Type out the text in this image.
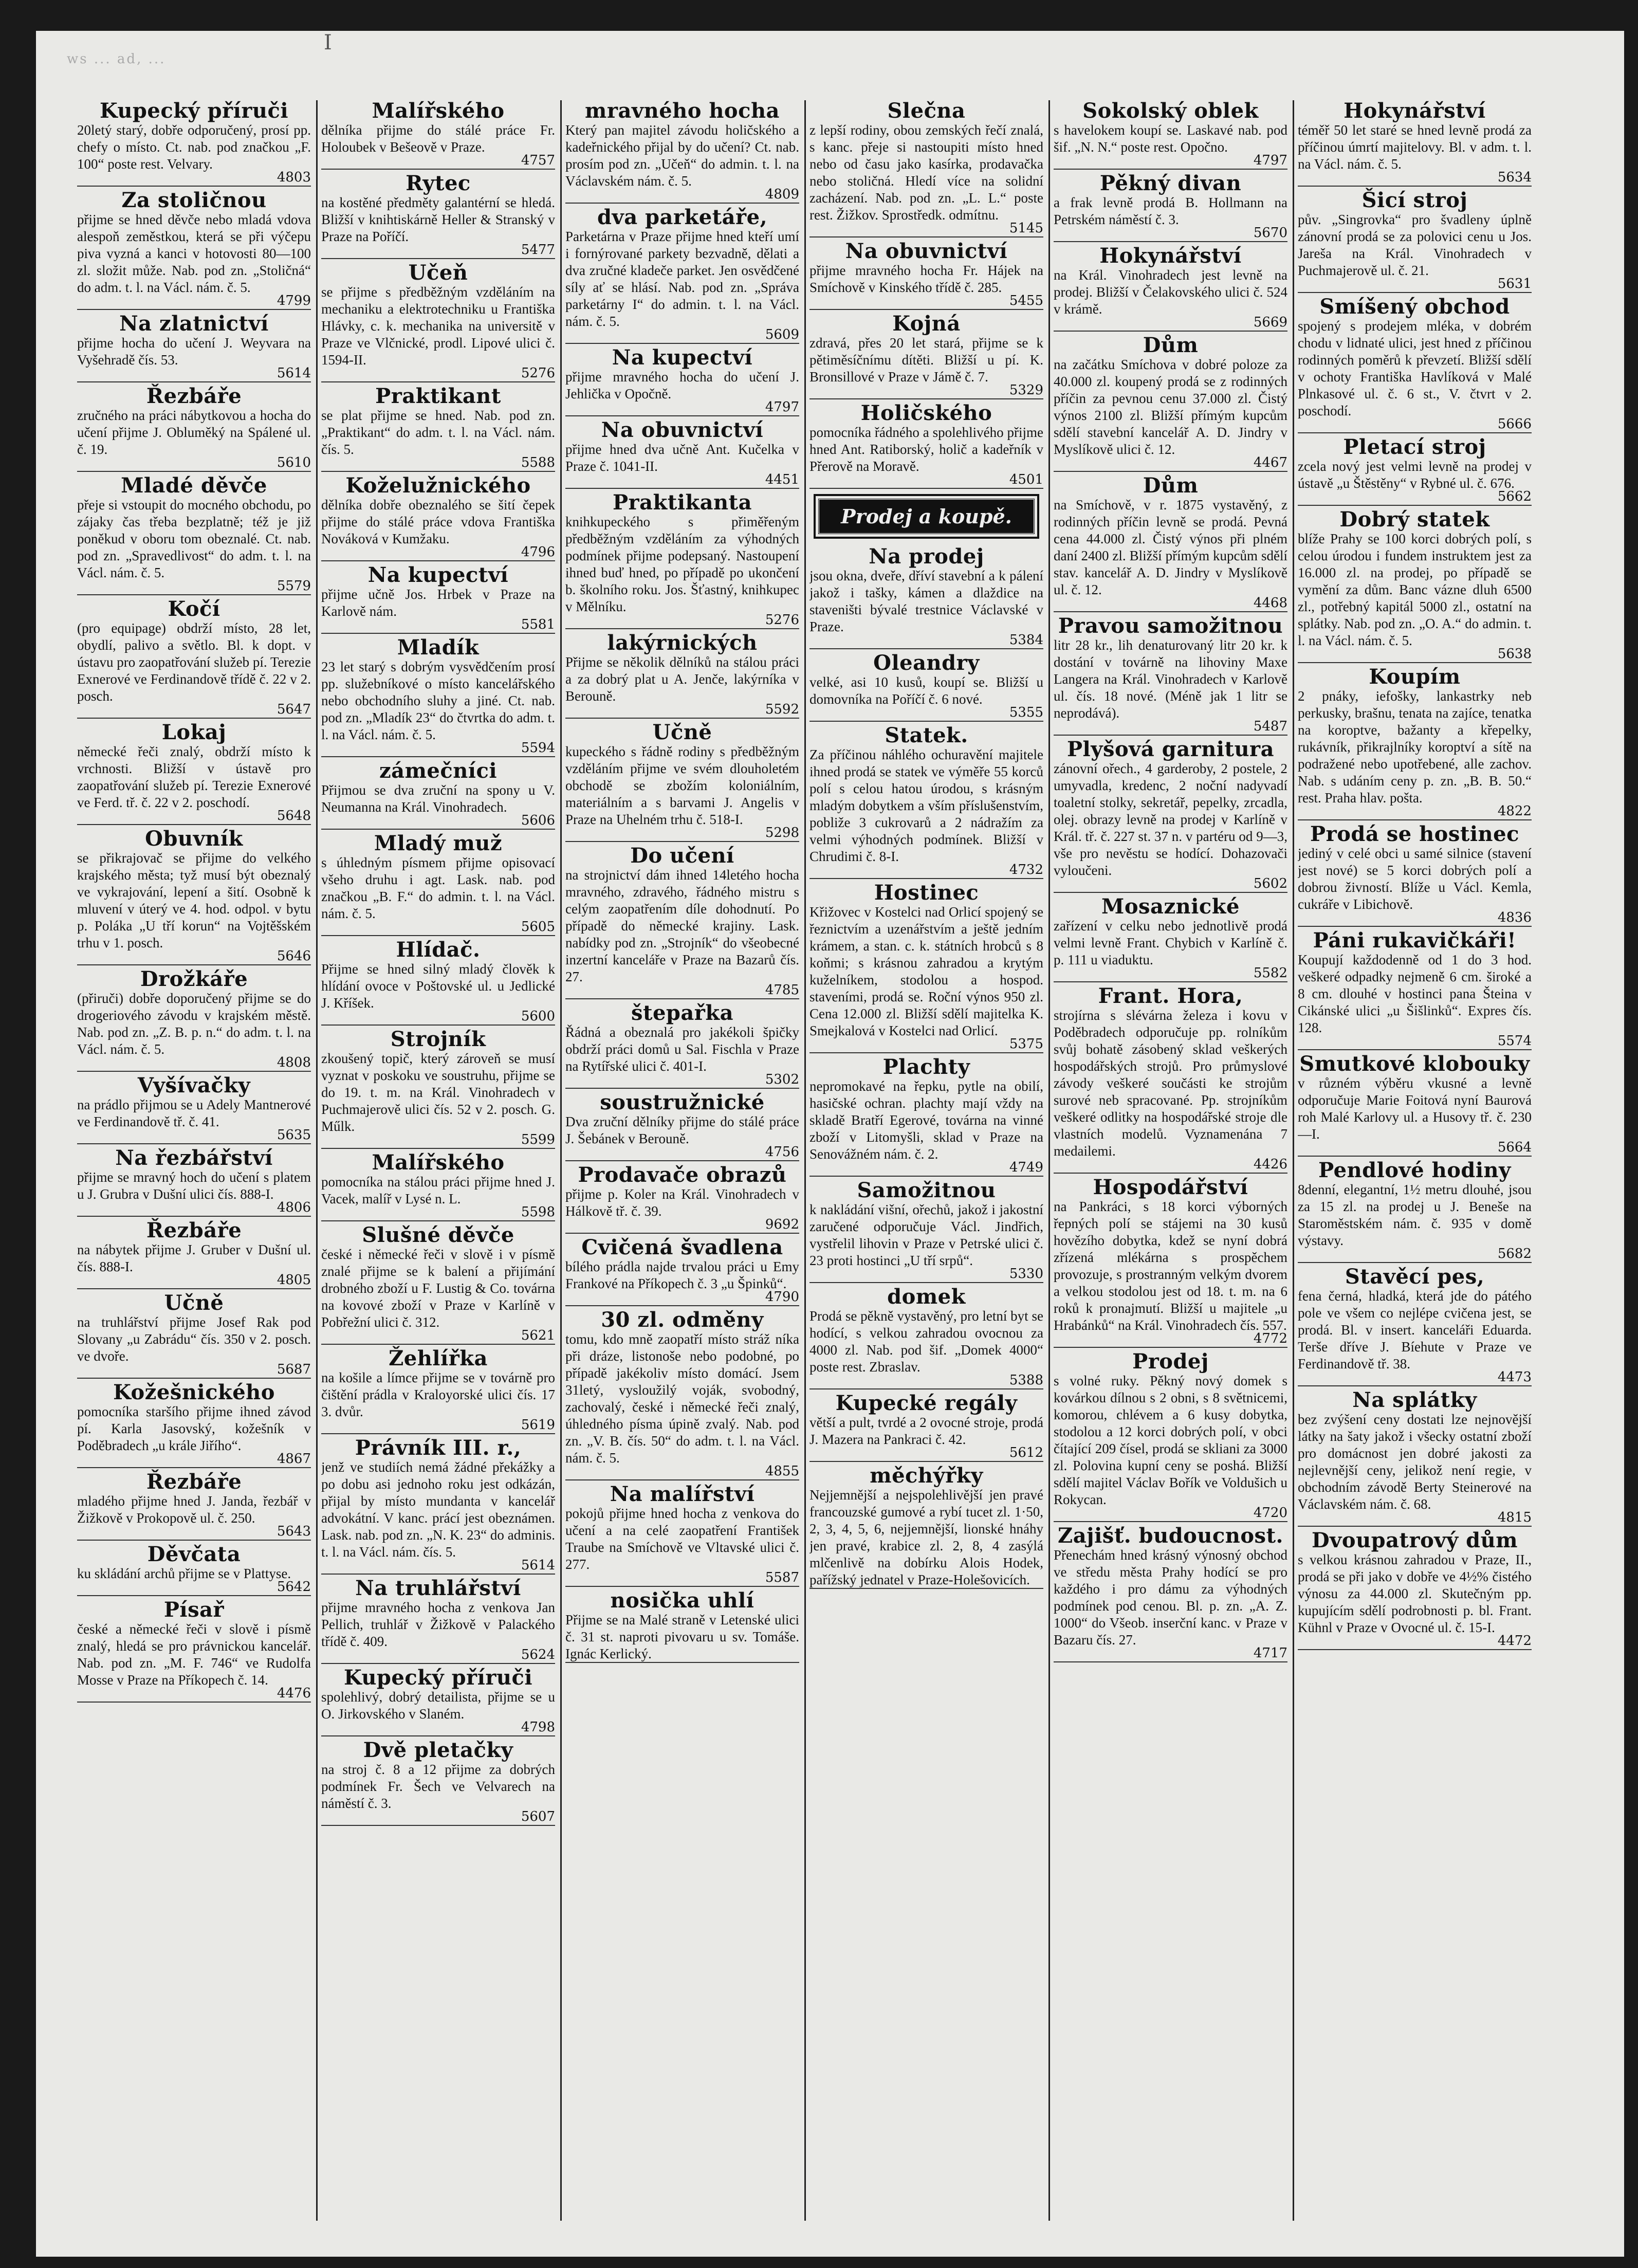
I
ws ... ad, ...
Kupecký příruči

20letý starý, dobře odporučený, prosí pp. chefy o místo. Ct. nab. pod značkou „F. 100“ poste rest. Velvary.

4803
Za stoličnou

přijme se hned děvče nebo mladá vdova alespoň zeměstkou, která se při výčepu piva vyzná a kanci v hotovosti 80—100 zl. složit může. Nab. pod zn. „Stoličná“ do adm. t. l. na Václ. nám. č. 5.

4799
Na zlatnictví

přijme hocha do učení J. Weyvara na Vyšehradě čís. 53.

5614
Řezbáře

zručného na práci nábytkovou a hocha do učení přijme J. Obluměký na Spálené ul. č. 19.

5610
Mladé děvče

přeje si vstoupit do mocného obchodu, po zájaky čas třeba bezplatně; též je již poněkud v oboru tom obeznalé. Ct. nab. pod zn. „Spravedlivost“ do adm. t. l. na Václ. nám. č. 5.

5579
Kočí

(pro equipage) obdrží místo, 28 let, obydlí, palivo a světlo. Bl. k dopt. v ústavu pro zaopatřování služeb pí. Terezie Exnerové ve Ferdinandově třídě č. 22 v 2. posch.

5647
Lokaj

německé řeči znalý, obdrží místo k vrchnosti. Bližší v ústavě pro zaopatřování služeb pí. Terezie Exnerové ve Ferd. tř. č. 22 v 2. poschodí.

5648
Obuvník

se přikrajovač se přijme do velkého krajského města; tyž musí být obeznalý ve vykrajování, lepení a šití. Osobně k mluvení v úterý ve 4. hod. odpol. v bytu p. Poláka „U tří korun“ na Vojtěšském trhu v 1. posch.

5646
Drožkáře

(přiruči) dobře doporučený přijme se do drogeriového závodu v krajském městě. Nab. pod zn. „Z. B. p. n.“ do adm. t. l. na Václ. nám. č. 5.

4808
Vyšívačky

na prádlo přijmou se u Adely Mantnerové ve Ferdinandově tř. č. 41.

5635
Na řezbářství

přijme se mravný hoch do učení s platem u J. Grubra v Dušní ulici čís. 888-I.

4806
Řezbáře

na nábytek přijme J. Gruber v Dušní ul. čís. 888-I.

4805
Učně

na truhlářství přijme Josef Rak pod Slovany „u Zabrádu“ čís. 350 v 2. posch. ve dvoře.

5687
Kožešnického

pomocníka staršího přijme ihned závod pí. Karla Jasovský, kožešník v Poděbradech „u krále Jiřího“.

4867
Řezbáře

mladého přijme hned J. Janda, řezbář v Žižkově v Prokopově ul. č. 250.

5643
Děvčata

ku skládání archů přijme se v Plattyse.

5642
Písař

české a německé řeči v slově i písmě znalý, hledá se pro právnickou kancelář. Nab. pod zn. „M. F. 746“ ve Rudolfa Mosse v Praze na Příkopech č. 14.

4476
Malířského

dělníka přijme do stálé práce Fr. Holoubek v Bešeově v Praze.

4757
Rytec

na kostěné předměty galantérní se hledá. Bližší v knihtiskárně Heller & Stranský v Praze na Poříčí.

5477
Učeň

se přijme s předběžným vzděláním na mechaniku a elektrotechniku u Františka Hlávky, c. k. mechanika na universitě v Praze ve Vlčnické, prodl. Lipové ulici č. 1594-II.

5276
Praktikant

se plat přijme se hned. Nab. pod zn. „Praktikant“ do adm. t. l. na Václ. nám. čís. 5.

5588
Koželužnického

dělníka dobře obeznalého se šití čepek přijme do stálé práce vdova Františka Nováková v Kumžaku.

4796
Na kupectví

přijme učně Jos. Hrbek v Praze na Karlově nám.

5581
Mladík

23 let starý s dobrým vysvědčením prosí pp. služebníkové o místo kancelářského nebo obchodního sluhy a jiné. Ct. nab. pod zn. „Mladík 23“ do čtvrtka do adm. t. l. na Václ. nám. č. 5.

5594
zámečníci

Přijmou se dva zruční na spony u V. Neumanna na Král. Vinohradech.

5606
Mladý muž

s úhledným písmem přijme opisovací všeho druhu i agt. Lask. nab. pod značkou „B. F.“ do admin. t. l. na Václ. nám. č. 5.

5605
Hlídač.

Přijme se hned silný mladý člověk k hlídání ovoce v Poštovské ul. u Jedlické J. Kříšek.

5600
Strojník

zkoušený topič, který zároveň se musí vyznat v poskoku ve soustruhu, přijme se do 19. t. m. na Král. Vinohradech v Puchmajerově ulici čís. 52 v 2. posch. G. Műlk.

5599
Malířského

pomocníka na stálou práci přijme hned J. Vacek, malíř v Lysé n. L.

5598
Slušné děvče

české i německé řeči v slově i v písmě znalé přijme se k balení a přijímání drobného zboží u F. Lustig & Co. továrna na kovové zboží v Praze v Karlíně v Pobřežní ulici č. 312.

5621
Žehlířka

na košile a límce přijme se v továrně pro čištění prádla v Kraloyorské ulici čís. 17 3. dvůr.

5619
Právník III. r.,

jenž ve studiích nemá žádné překážky a po dobu asi jednoho roku jest odkázán, přijal by místo mundanta v kancelář advokátní. V kanc. prácí jest obeznámen. Lask. nab. pod zn. „N. K. 23“ do adminis. t. l. na Václ. nám. čís. 5.

5614
Na truhlářství

přijme mravného hocha z venkova Jan Pellich, truhlář v Žižkově v Palackého třídě č. 409.

5624
Kupecký příruči

spolehlivý, dobrý detailista, přijme se u O. Jirkovského v Slaném.

4798
Dvě pletačky

na stroj č. 8 a 12 přijme za dobrých podmínek Fr. Šech ve Velvarech na náměstí č. 3.

5607
mravného hocha

Který pan majitel závodu holičského a kadeřnického přijal by do učení? Ct. nab. prosím pod zn. „Učeň“ do admin. t. l. na Václavském nám. č. 5.

4809
dva parketáře,

Parketárna v Praze přijme hned kteří umí i fornýrované parkety bezvadně, dělati a dva zručné kladeče parket. Jen osvědčené síly ať se hlásí. Nab. pod zn. „Správa parketárny I“ do admin. t. l. na Václ. nám. č. 5.

5609
Na kupectví

přijme mravného hocha do učení J. Jehlička v Opočně.

4797
Na obuvnictví

přijme hned dva učně Ant. Kučelka v Praze č. 1041-II.

4451
Praktikanta

knihkupeckého s přiměřeným předběžným vzděláním za výhodných podmínek přijme podepsaný. Nastoupení ihned buď hned, po případě po ukončení b. školního roku. Jos. Šťastný, knihkupec v Mělníku.

5276
lakýrnických

Přijme se několik dělníků na stálou práci a za dobrý plat u A. Jenče, lakýrníka v Berouně.

5592
Učně

kupeckého s řádně rodiny s předběžným vzděláním přijme ve svém dlouholetém obchodě se zbožím koloniálním, materiálním a s barvami J. Angelis v Praze na Uhelném trhu č. 518-I.

5298
Do učení

na strojnictví dám ihned 14letého hocha mravného, zdravého, řádného mistru s celým zaopatřením díle dohodnutí. Po případě do německé krajiny. Lask. nabídky pod zn. „Strojník“ do všeobecné inzertní kanceláře v Praze na Bazarů čís. 27.

4785
štepařka

Řádná a obeznalá pro jakékoli špičky obdrží práci domů u Sal. Fischla v Praze na Rytířské ulici č. 401-I.

5302
soustružnické

Dva zruční dělníky přijme do stálé práce J. Šebánek v Berouně.

4756
Prodavače obrazů

přijme p. Koler na Král. Vinohradech v Hálkově tř. č. 39.

9692
Cvičená švadlena

bílého prádla najde trvalou práci u Emy Frankové na Příkopech č. 3 „u Špinků“.

4790
30 zl. odměny

tomu, kdo mně zaopatří místo stráž níka při dráze, listonoše nebo podobné, po případě jakékoliv místo domácí. Jsem 31letý, vysloužilý voják, svobodný, zachovalý, české i německé řeči znalý, úhledného písma úpině zvalý. Nab. pod zn. „V. B. čís. 50“ do adm. t. l. na Václ. nám. č. 5.

4855
Na malířství

pokojů přijme hned hocha z venkova do učení a na celé zaopatření František Traube na Smíchově ve Vltavské ulici č. 277.

5587
nosička uhlí

Přijme se na Malé straně v Letenské ulici č. 31 st. naproti pivovaru u sv. Tomáše. Ignác Kerlický.

Slečna

z lepší rodiny, obou zemských řečí znalá, s kanc. přeje si nastoupiti místo hned nebo od času jako kasírka, prodavačka nebo stoličná. Hledí více na solidní zacházení. Nab. pod zn. „L. L.“ poste rest. Žižkov. Sprostředk. odmítnu.

5145
Na obuvnictví

přijme mravného hocha Fr. Hájek na Smíchově v Kinského třídě č. 285.

5455
Kojná

zdravá, přes 20 let stará, přijme se k pětiměsíčnímu dítěti. Bližší u pí. K. Bronsillové v Praze v Jámě č. 7.

5329
Holičského

pomocníka řádného a spolehlivého přijme hned Ant. Ratiborský, holič a kadeřník v Přerově na Moravě.

4501
Prodej a koupě.
Na prodej

jsou okna, dveře, dříví stavební a k pálení jakož i tašky, kámen a dlaždice na staveništi bývalé trestnice Václavské v Praze.

5384
Oleandry

velké, asi 10 kusů, koupí se. Bližší u domovníka na Poříčí č. 6 nové.

5355
Statek.

Za příčinou náhlého ochuravění majitele ihned prodá se statek ve výměře 55 korců polí s celou hatou úrodou, s krásným mladým dobytkem a vším příslušenstvím, pobliže 3 cukrovarů a 2 nádražím za velmi výhodných podmínek. Bližší v Chrudimi č. 8-I.

4732
Hostinec

Křižovec v Kostelci nad Orlicí spojený se řeznictvím a uzenářstvím a ještě jedním krámem, a stan. c. k. státních hrobců s 8 koňmi; s krásnou zahradou a krytým kuželníkem, stodolou a hospod. staveními, prodá se. Roční výnos 950 zl. Cena 12.000 zl. Bližší sdělí majitelka K. Smejkalová v Kostelci nad Orlicí.

5375
Plachty

nepromokavé na řepku, pytle na obilí, hasičské ochran. plachty mají vždy na skladě Bratří Egerové, továrna na vinné zboží v Litomyšli, sklad v Praze na Senovážném nám. č. 2.

4749
Samožitnou

k nakládání višní, ořechů, jakož i jakostní zaručené odporučuje Václ. Jindřich, vystřelil lihovin v Praze v Petrské ulici č. 23 proti hostinci „U tří srpů“.

5330
domek

Prodá se pěkně vystavěný, pro letní byt se hodící, s velkou zahradou ovocnou za 4000 zl. Nab. pod šif. „Domek 4000“ poste rest. Zbraslav.

5388
Kupecké regály

větší a pult, tvrdé a 2 ovocné stroje, prodá J. Mazera na Pankraci č. 42.

5612
měchýřky

Nejjemnější a nejspolehlivější jen pravé francouzské gumové a rybí tucet zl. 1·50, 2, 3, 4, 5, 6, nejjemnější, lionské hnáhy jen pravé, krabice zl. 2, 8, 4 zasýlá mlčenlivě na dobírku Alois Hodek, pařížský jednatel v Praze-Holešovicích.

Sokolský oblek

s havelokem koupí se. Laskavé nab. pod šif. „N. N.“ poste rest. Opočno.

4797
Pěkný divan

a frak levně prodá B. Hollmann na Petrském náměstí č. 3.

5670
Hokynářství

na Král. Vinohradech jest levně na prodej. Bližší v Čelakovského ulici č. 524 v krámě.

5669
Dům

na začátku Smíchova v dobré poloze za 40.000 zl. koupený prodá se z rodinných příčin za pevnou cenu 37.000 zl. Čistý výnos 2100 zl. Bližší přímým kupcům sdělí stavební kancelář A. D. Jindry v Myslíkově ulici č. 12.

4467
Dům

na Smíchově, v r. 1875 vystavěný, z rodinných příčin levně se prodá. Pevná cena 44.000 zl. Čistý výnos při plném daní 2400 zl. Bližší přímým kupcům sdělí stav. kancelář A. D. Jindry v Myslíkově ul. č. 12.

4468
Pravou samožitnou

litr 28 kr., lih denaturovaný litr 20 kr. k dostání v továrně na lihoviny Maxe Langera na Král. Vinohradech v Karlově ul. čís. 18 nové. (Méně jak 1 litr se neprodává).

5487
Plyšová garnitura

zánovní ořech., 4 garderoby, 2 postele, 2 umyvadla, kredenc, 2 noční nadyvadí toaletní stolky, sekretář, pepelky, zrcadla, olej. obrazy levně na prodej v Karlíně v Král. tř. č. 227 st. 37 n. v partéru od 9—3, vše pro nevěstu se hodící. Dohazovači vyloučeni.

5602
Mosaznické

zařízení v celku nebo jednotlivě prodá velmi levně Frant. Chybich v Karlíně č. p. 111 u viaduktu.

5582
Frant. Hora,

strojírna s slévárna železa i kovu v Poděbradech odporučuje pp. rolníkům svůj bohatě zásobený sklad veškerých hospodářských strojů. Pro průmyslové závody veškeré součásti ke strojům surové neb spracované. Pp. strojníkům veškeré odlitky na hospodářské stroje dle vlastních modelů. Vyznamenána 7 medailemi.

4426
Hospodářství

na Pankráci, s 18 korci výborných řepných polí se stájemi na 30 kusů hovězího dobytka, kdež se nyní dobrá zřízená mlékárna s prospěchem provozuje, s prostranným velkým dvorem a velkou stodolou jest od 18. t. m. na 6 roků k pronajmutí. Bližší u majitele „u Hrabánků“ na Král. Vinohradech čís. 557.

4772
Prodej

s volné ruky. Pěkný nový domek s kovárkou dílnou s 2 obni, s 8 světnicemi, komorou, chlévem a 6 kusy dobytka, stodolou a 12 korci dobrých polí, v obci čítající 209 čísel, prodá se skliani za 3000 zl. Polovina kupní ceny se poshá. Bližší sdělí majitel Václav Bořík ve Voldušich u Rokycan.

4720
Zajišť. budoucnost.

Přenechám hned krásný výnosný obchod ve středu města Prahy hodící se pro každého i pro dámu za výhodných podmínek pod cenou. Bl. p. zn. „A. Z. 1000“ do Všeob. inserční kanc. v Praze v Bazaru čís. 27.

4717
Hokynářství

téměř 50 let staré se hned levně prodá za příčinou úmrtí majitelovy. Bl. v adm. t. l. na Václ. nám. č. 5.

5634
Šicí stroj

pův. „Singrovka“ pro švadleny úplně zánovní prodá se za polovici cenu u Jos. Jareša na Král. Vinohradech v Puchmajerově ul. č. 21.

5631
Smíšený obchod

spojený s prodejem mléka, v dobrém chodu v lidnaté ulici, jest hned z příčinou rodinných poměrů k převzetí. Bližší sdělí v ochoty Františka Havlíková v Malé Plnkasové ul. č. 6 st., V. čtvrt v 2. poschodí.

5666
Pletací stroj

zcela nový jest velmi levně na prodej v ústavě „u Štěstěny“ v Rybné ul. č. 676.

5662
Dobrý statek

blíže Prahy se 100 korci dobrých polí, s celou úrodou i fundem instruktem jest za 16.000 zl. na prodej, po případě se vymění za dům. Banc vázne dluh 6500 zl., potřebný kapitál 5000 zl., ostatní na splátky. Nab. pod zn. „O. A.“ do admin. t. l. na Václ. nám. č. 5.

5638
Koupím

2 pnáky, iefošky, lankastrky neb perkusky, brašnu, tenata na zajíce, tenatka na koroptve, bažanty a křepelky, rukávník, přikrajlníky koroptví a sítě na podražené nebo upotřebené, alle zachov. Nab. s udáním ceny p. zn. „B. B. 50.“ rest. Praha hlav. pošta.

4822
Prodá se hostinec

jediný v celé obci u samé silnice (stavení jest nové) se 5 korci dobrých polí a dobrou živností. Blíže u Václ. Kemla, cukráře v Libichově.

4836
Páni rukavičkáři!

Koupují každodenně od 1 do 3 hod. veškeré odpadky nejmeně 6 cm. široké a 8 cm. dlouhé v hostinci pana Šteina v Cikánské ulici „u Šišlinků“. Expres čís. 128.

5574
Smutkové klobouky

v různém výběru vkusné a levně odporučuje Marie Foitová nyní Baurová roh Malé Karlovy ul. a Husovy tř. č. 230—I.

5664
Pendlové hodiny

8denní, elegantní, 1½ metru dlouhé, jsou za 15 zl. na prodej u J. Beneše na Staroměstském nám. č. 935 v domě výstavy.

5682
Stavěcí pes,

fena černá, hladká, která jde do pátého pole ve všem co nejlépe cvičena jest, se prodá. Bl. v insert. kanceláři Eduarda. Terše dříve J. Bíehute v Praze ve Ferdinandově tř. 38.

4473
Na splátky

bez zvýšení ceny dostati lze nejnovější látky na šaty jakož i všecky ostatní zboží pro domácnost jen dobré jakosti za nejlevnější ceny, jelikož není regie, v obchodním závodě Berty Steinerové na Václavském nám. č. 68.

4815
Dvoupatrový dům

s velkou krásnou zahradou v Praze, II., prodá se při jako v dobře ve 4½% čistého výnosu za 44.000 zl. Skutečným pp. kupujícím sdělí podrobnosti p. bl. Frant. Kühnl v Praze v Ovocné ul. č. 15-I.

4472
